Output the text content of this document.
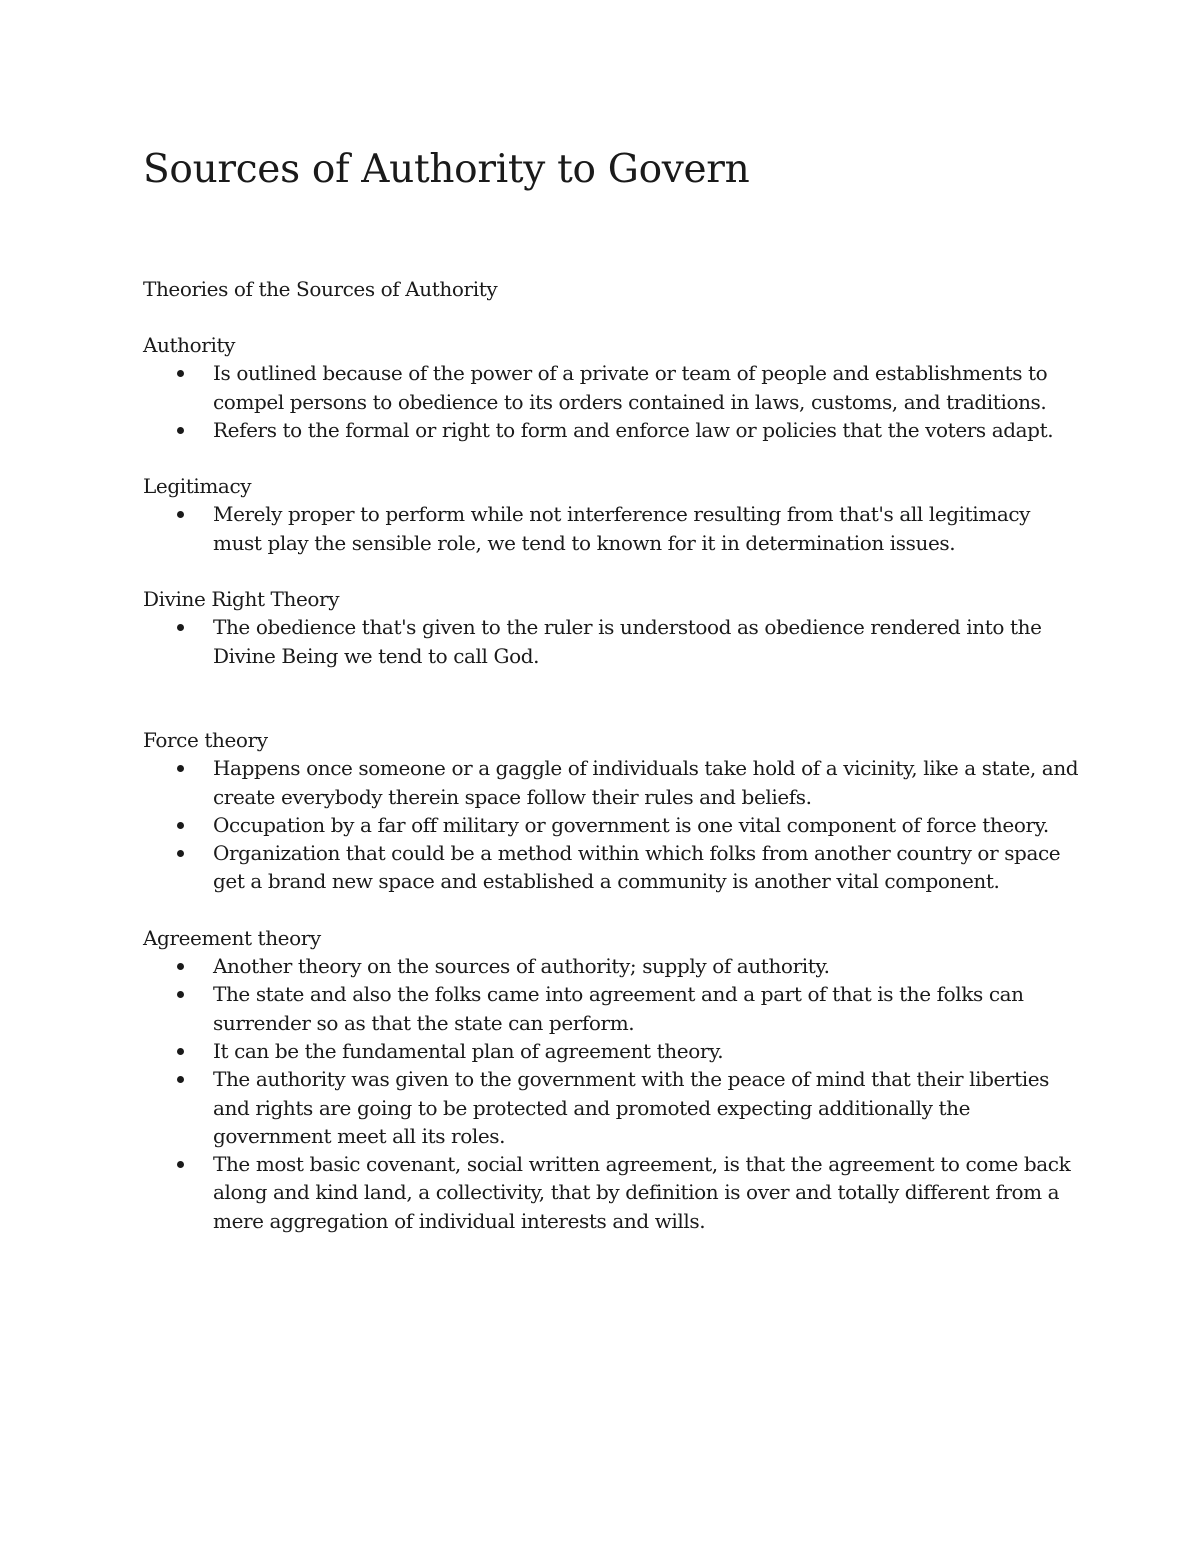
Sources of Authority to Govern

Theories of the Sources of Authority

Authority

Is outlined because of the power of a private or team of people and establishments to compel persons to obedience to its orders contained in laws, customs, and traditions.
Refers to the formal or right to form and enforce law or policies that the voters adapt.

Legitimacy

Merely proper to perform while not interference resulting from that's all legitimacy must play the sensible role, we tend to known for it in determination issues.

Divine Right Theory

The obedience that's given to the ruler is understood as obedience rendered into the Divine Being we tend to call God.

Force theory

Happens once someone or a gaggle of individuals take hold of a vicinity, like a state, and create everybody therein space follow their rules and beliefs.
Occupation by a far off military or government is one vital component of force theory.
Organization that could be a method within which folks from another country or space get a brand new space and established a community is another vital component.

Agreement theory

Another theory on the sources of authority; supply of authority.
The state and also the folks came into agreement and a part of that is the folks can surrender so as that the state can perform.
It can be the fundamental plan of agreement theory.
The authority was given to the government with the peace of mind that their liberties and rights are going to be protected and promoted expecting additionally the government meet all its roles.
The most basic covenant, social written agreement, is that the agreement to come back along and kind land, a collectivity, that by definition is over and totally different from a mere aggregation of individual interests and wills.
